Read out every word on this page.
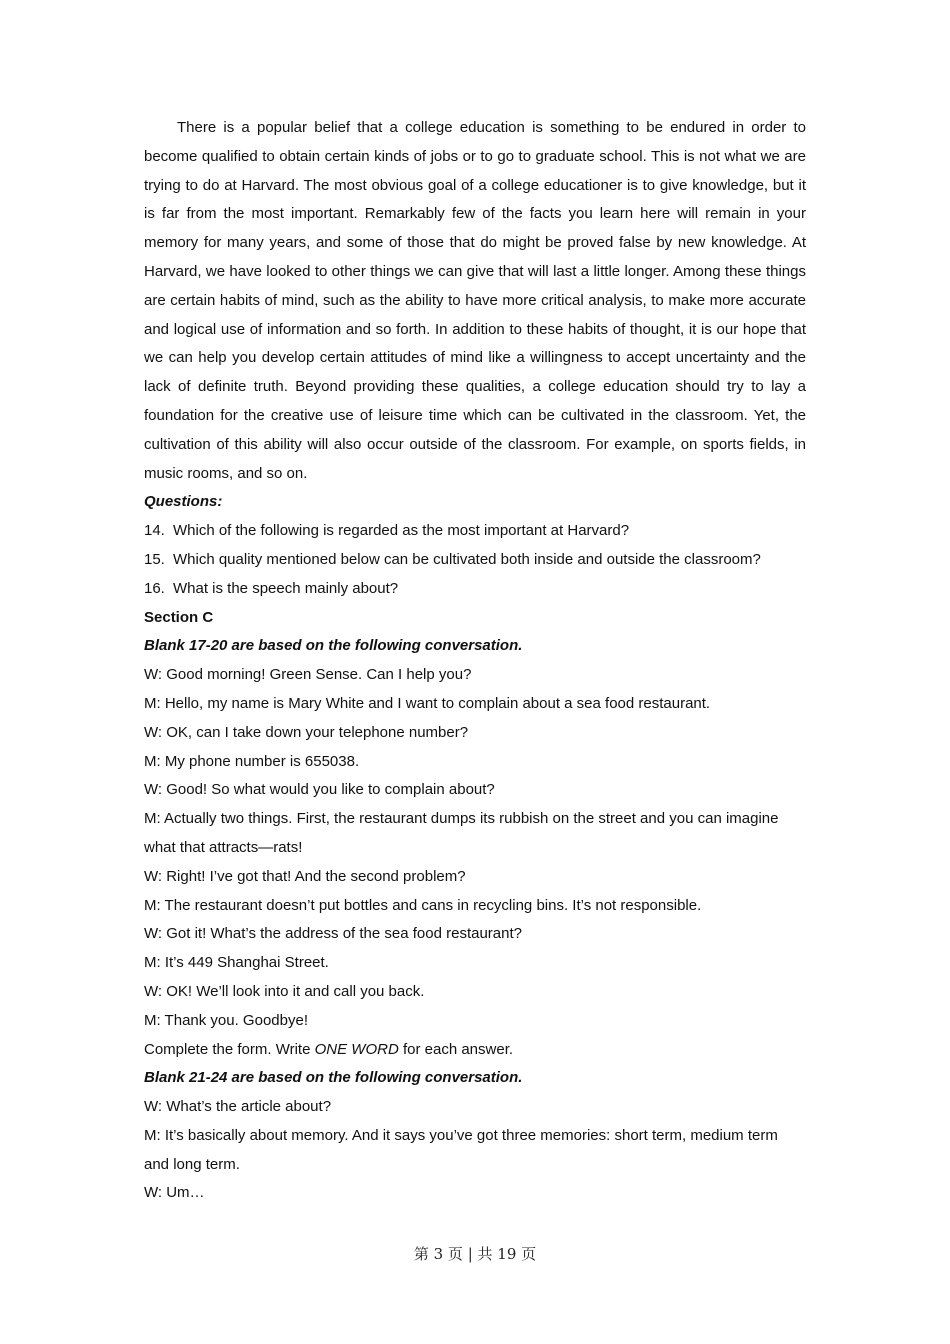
There is a popular belief that a college education is something to be endured in order to become qualified to obtain certain kinds of jobs or to go to graduate school. This is not what we are trying to do at Harvard. The most obvious goal of a college educationer is to give knowledge, but it is far from the most important. Remarkably few of the facts you learn here will remain in your memory for many years, and some of those that do might be proved false by new knowledge. At Harvard, we have looked to other things we can give that will last a little longer. Among these things are certain habits of mind, such as the ability to have more critical analysis, to make more accurate and logical use of information and so forth. In addition to these habits of thought, it is our hope that we can help you develop certain attitudes of mind like a willingness to accept uncertainty and the lack of definite truth. Beyond providing these qualities, a college education should try to lay a foundation for the creative use of leisure time which can be cultivated in the classroom. Yet, the cultivation of this ability will also occur outside of the classroom. For example, on sports fields, in music rooms, and so on.

Questions:

14. Which of the following is regarded as the most important at Harvard?

15. Which quality mentioned below can be cultivated both inside and outside the classroom?

16. What is the speech mainly about?

Section C

Blank 17-20 are based on the following conversation.

W: Good morning! Green Sense. Can I help you?

M: Hello, my name is Mary White and I want to complain about a sea food restaurant.

W: OK, can I take down your telephone number?

M: My phone number is 655038.

W: Good! So what would you like to complain about?

M: Actually two things. First, the restaurant dumps its rubbish on the street and you can imagine what that attracts—rats!

W: Right! I’ve got that! And the second problem?

M: The restaurant doesn’t put bottles and cans in recycling bins. It’s not responsible.

W: Got it! What’s the address of the sea food restaurant?

M: It’s 449 Shanghai Street.

W: OK! We’ll look into it and call you back.

M: Thank you. Goodbye!

Complete the form. Write ONE WORD for each answer.

Blank 21-24 are based on the following conversation.

W: What’s the article about?

M: It’s basically about memory. And it says you’ve got three memories: short term, medium term and long term.

W: Um…

第 3 页 | 共 19 页
